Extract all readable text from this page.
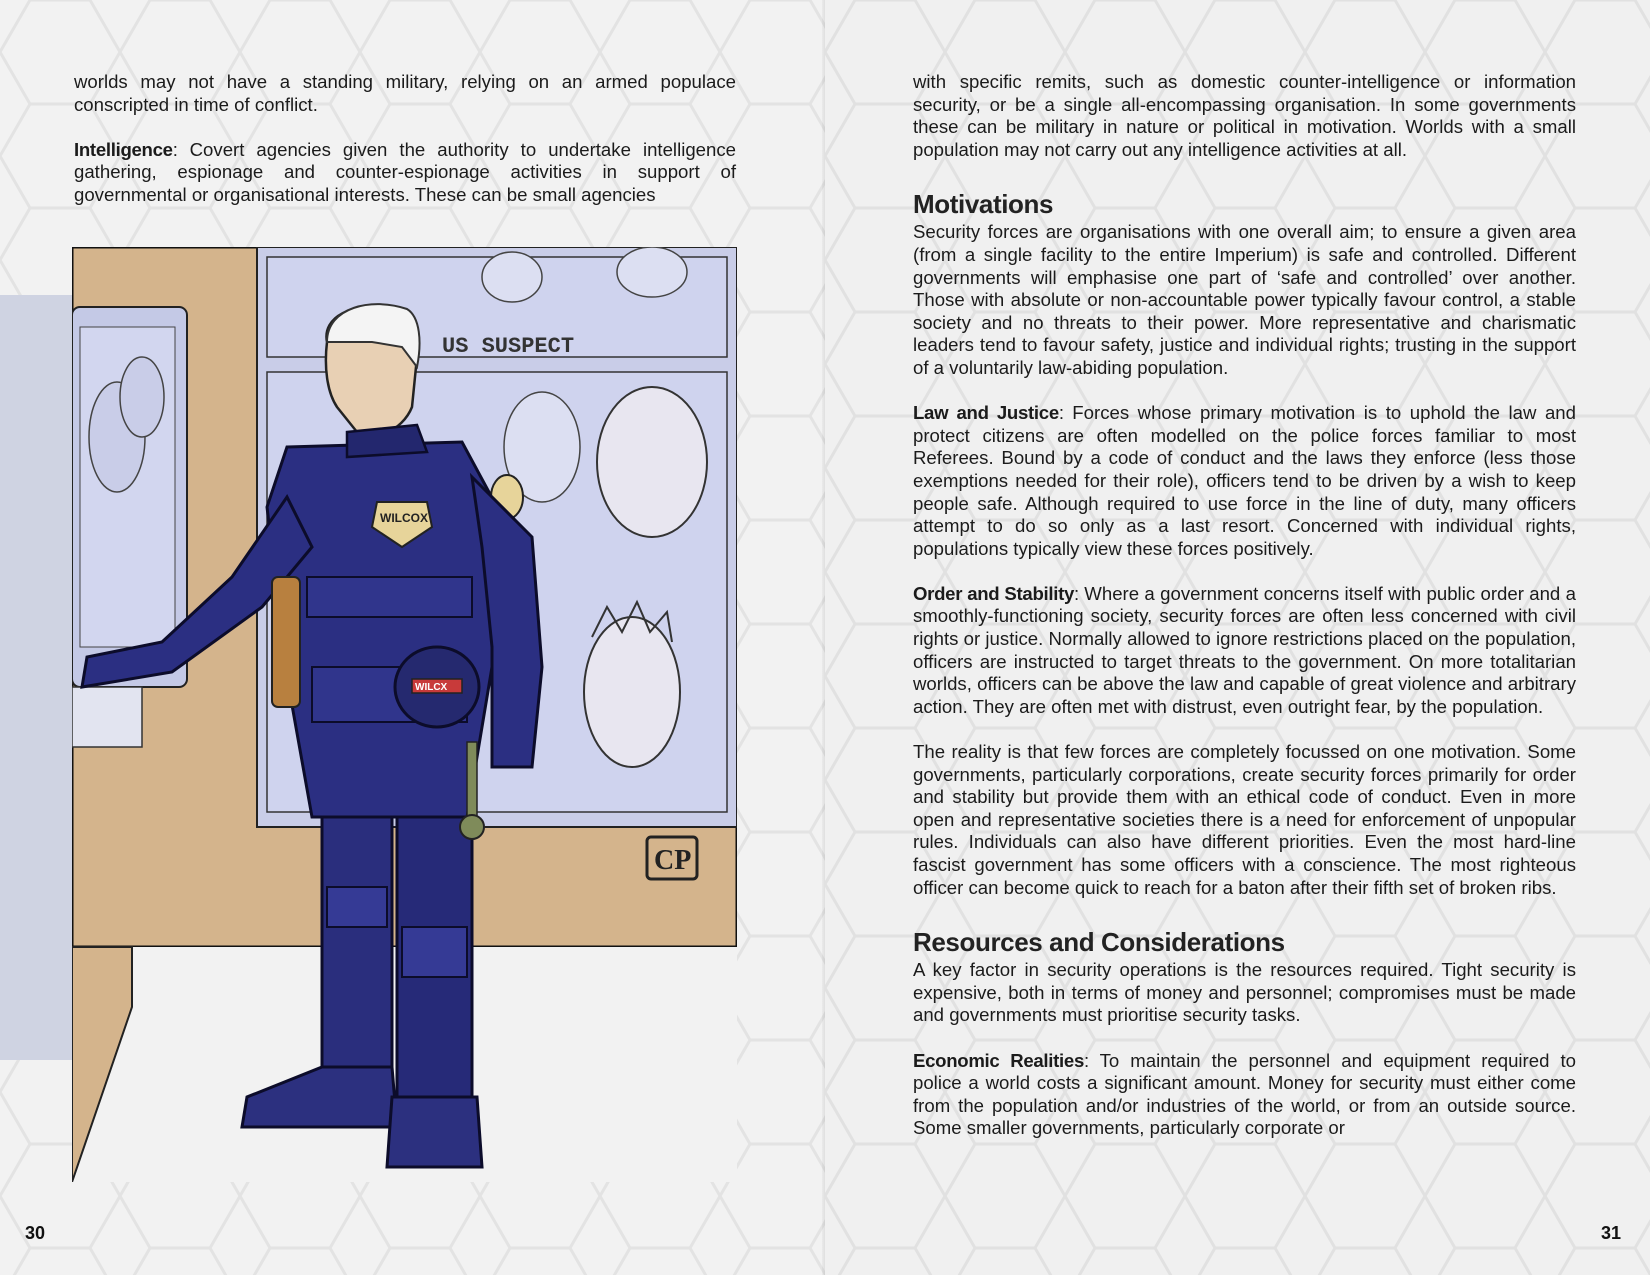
worlds may not have a standing military, relying on an armed populace conscripted in time of conflict.

Intelligence: Covert agencies given the authority to undertake intelligence gathering, espionage and counter-espionage activities in support of governmental or organisational interests. These can be small agencies

US SUSPECT
CP
WILCOX
WILCX
30

with specific remits, such as domestic counter-intelligence or information security, or be a single all-encompassing organisation. In some governments these can be military in nature or political in motivation. Worlds with a small population may not carry out any intelligence activities at all.

Motivations

Security forces are organisations with one overall aim; to ensure a given area (from a single facility to the entire Imperium) is safe and controlled. Different governments will emphasise one part of ‘safe and controlled’ over another. Those with absolute or non-accountable power typically favour control, a stable society and no threats to their power. More representative and charismatic leaders tend to favour safety, justice and individual rights; trusting in the support of a voluntarily law-abiding population.

Law and Justice: Forces whose primary motivation is to uphold the law and protect citizens are often modelled on the police forces familiar to most Referees. Bound by a code of conduct and the laws they enforce (less those exemptions needed for their role), officers tend to be driven by a wish to keep people safe. Although required to use force in the line of duty, many officers attempt to do so only as a last resort. Concerned with individual rights, populations typically view these forces positively.

Order and Stability: Where a government concerns itself with public order and a smoothly-functioning society, security forces are often less concerned with civil rights or justice. Normally allowed to ignore restrictions placed on the population, officers are instructed to target threats to the government. On more totalitarian worlds, officers can be above the law and capable of great violence and arbitrary action. They are often met with distrust, even outright fear, by the population.

The reality is that few forces are completely focussed on one motivation. Some governments, particularly corporations, create security forces primarily for order and stability but provide them with an ethical code of conduct. Even in more open and representative societies there is a need for enforcement of unpopular rules. Individuals can also have different priorities. Even the most hard-line fascist government has some officers with a conscience. The most righteous officer can become quick to reach for a baton after their fifth set of broken ribs.

Resources and Considerations

A key factor in security operations is the resources required. Tight security is expensive, both in terms of money and personnel; compromises must be made and governments must prioritise security tasks.

Economic Realities: To maintain the personnel and equipment required to police a world costs a significant amount. Money for security must either come from the population and/or industries of the world, or from an outside source. Some smaller governments, particularly corporate or

31
